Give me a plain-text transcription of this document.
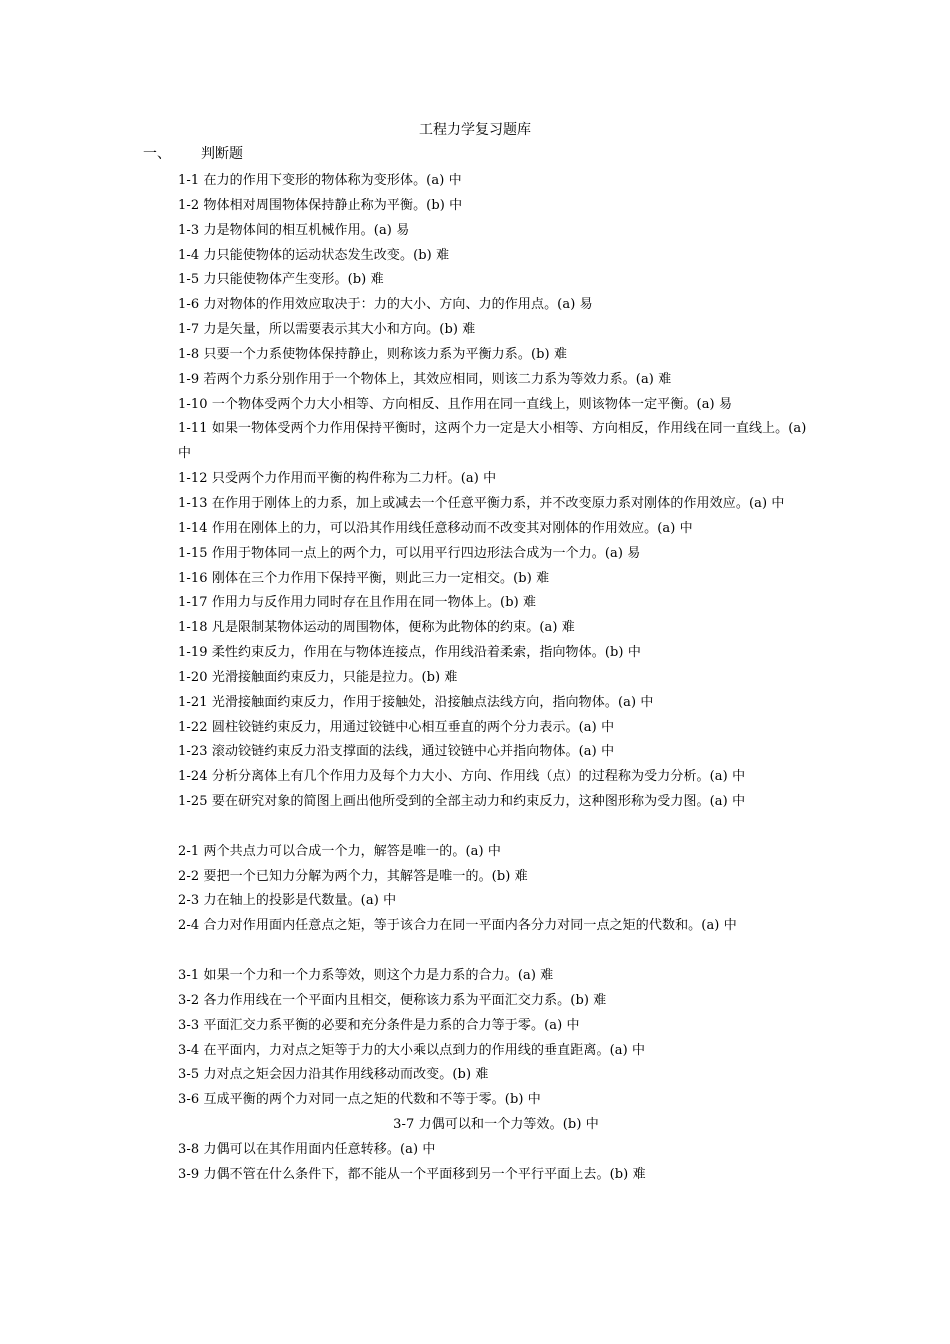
工程力学复习题库
一、 判断题
1-1 在力的作用下变形的物体称为变形体。(a) 中
1-2 物体相对周围物体保持静止称为平衡。(b) 中
1-3 力是物体间的相互机械作用。(a) 易
1-4 力只能使物体的运动状态发生改变。(b) 难
1-5 力只能使物体产生变形。(b) 难
1-6 力对物体的作用效应取决于：力的大小、方向、力的作用点。(a) 易
1-7 力是矢量，所以需要表示其大小和方向。(b) 难
1-8 只要一个力系使物体保持静止，则称该力系为平衡力系。(b) 难
1-9 若两个力系分别作用于一个物体上，其效应相同，则该二力系为等效力系。(a) 难
1-10 一个物体受两个力大小相等、方向相反、且作用在同一直线上，则该物体一定平衡。(a) 易
1-11 如果一物体受两个力作用保持平衡时，这两个力一定是大小相等、方向相反，作用线在同一直线上。(a) 中
1-12 只受两个力作用而平衡的构件称为二力杆。(a) 中
1-13 在作用于刚体上的力系，加上或减去一个任意平衡力系，并不改变原力系对刚体的作用效应。(a) 中
1-14 作用在刚体上的力，可以沿其作用线任意移动而不改变其对刚体的作用效应。(a) 中
1-15 作用于物体同一点上的两个力，可以用平行四边形法合成为一个力。(a) 易
1-16 刚体在三个力作用下保持平衡，则此三力一定相交。(b) 难
1-17 作用力与反作用力同时存在且作用在同一物体上。(b) 难
1-18 凡是限制某物体运动的周围物体，便称为此物体的约束。(a) 难
1-19 柔性约束反力，作用在与物体连接点，作用线沿着柔索，指向物体。(b) 中
1-20 光滑接触面约束反力，只能是拉力。(b) 难
1-21 光滑接触面约束反力，作用于接触处，沿接触点法线方向，指向物体。(a) 中
1-22 圆柱铰链约束反力，用通过铰链中心相互垂直的两个分力表示。(a) 中
1-23 滚动铰链约束反力沿支撑面的法线，通过铰链中心并指向物体。(a) 中
1-24 分析分离体上有几个作用力及每个力大小、方向、作用线（点）的过程称为受力分析。(a) 中
1-25 要在研究对象的简图上画出他所受到的全部主动力和约束反力，这种图形称为受力图。(a) 中
2-1 两个共点力可以合成一个力，解答是唯一的。(a) 中
2-2 要把一个已知力分解为两个力，其解答是唯一的。(b) 难
2-3 力在轴上的投影是代数量。(a) 中
2-4 合力对作用面内任意点之矩，等于该合力在同一平面内各分力对同一点之矩的代数和。(a) 中
3-1 如果一个力和一个力系等效，则这个力是力系的合力。(a) 难
3-2 各力作用线在一个平面内且相交，便称该力系为平面汇交力系。(b) 难
3-3 平面汇交力系平衡的必要和充分条件是力系的合力等于零。(a) 中
3-4 在平面内，力对点之矩等于力的大小乘以点到力的作用线的垂直距离。(a) 中
3-5 力对点之矩会因力沿其作用线移动而改变。(b) 难
3-6 互成平衡的两个力对同一点之矩的代数和不等于零。(b) 中
3-7 力偶可以和一个力等效。(b) 中
3-8 力偶可以在其作用面内任意转移。(a) 中
3-9 力偶不管在什么条件下，都不能从一个平面移到另一个平行平面上去。(b) 难
